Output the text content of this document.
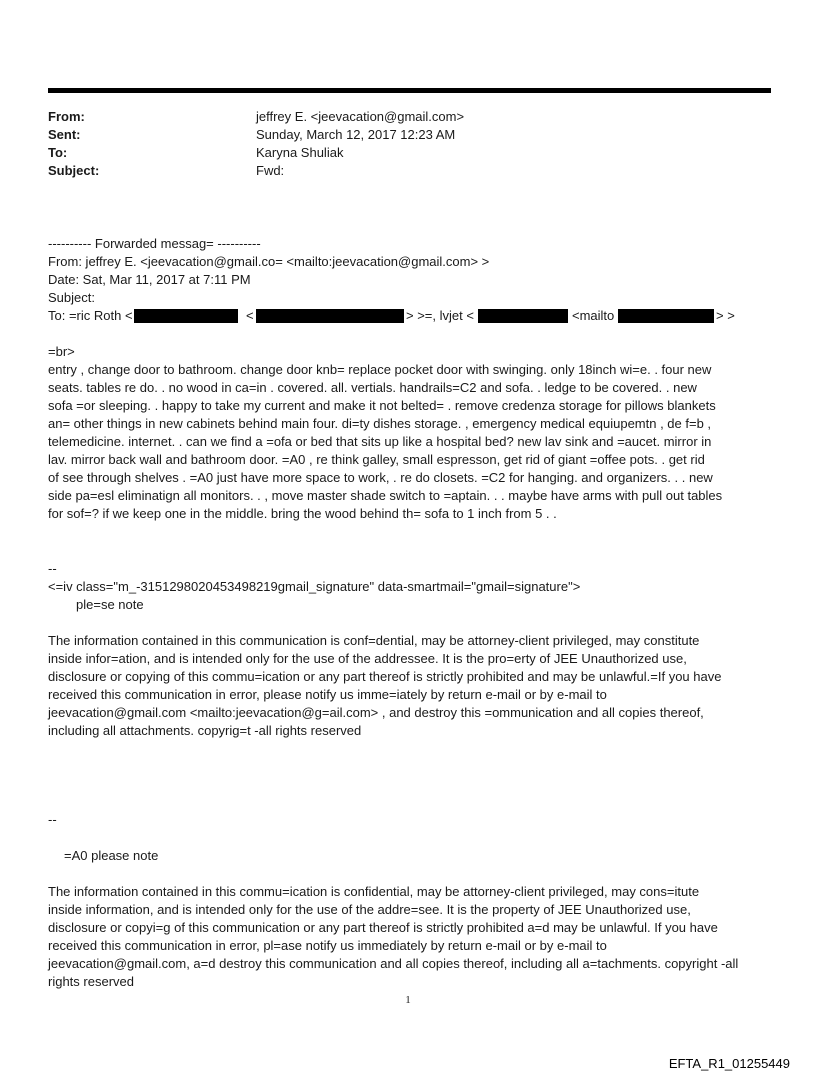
From:	jeffrey E. <jeevacation@gmail.com>
Sent:	Sunday, March 12, 2017 12:23 AM
To:	Karyna Shuliak
Subject:	Fwd:
---------- Forwarded messag= ----------
From: jeffrey E. <jeevacation@gmail.co= <mailto:jeevacation@gmail.com> >
Date: Sat, Mar 11, 2017 at 7:11 PM
Subject:
To: =ric Roth <	<	> >=, lvjet <	<mailto	> >
=br>
entry , change door to bathroom. change door knb= replace pocket door with swinging. only 18inch wi=e. . four new
seats. tables re do. . no wood in ca=in . covered. all. vertials. handrails=C2 and sofa. . ledge to be covered. . new
sofa =or sleeping. . happy to take my current and make it not belted= . remove credenza storage for pillows blankets
an= other things in new cabinets behind main four. di=ty dishes storage. , emergency medical equiupemtn , de f=b ,
telemedicine. internet. . can we find a =ofa or bed that sits up like a hospital bed? new lav sink and =aucet. mirror in
lav. mirror back wall and bathroom door. =A0 , re think galley, small espresson, get rid of giant =offee pots. . get rid
of see through shelves . =A0 just have more space to work, . re do closets. =C2 for hanging. and organizers. . . new
side pa=esl eliminatign all monitors. . , move master shade switch to =aptain. . . maybe have arms with pull out tables
for sof=? if we keep one in the middle. bring the wood behind th= sofa to 1 inch from 5 . .
--
<=iv class="m_-3151298020453498219gmail_signature" data-smartmail="gmail=signature">
ple=se note
The information contained in this communication is conf=dential, may be attorney-client privileged, may constitute
inside infor=ation, and is intended only for the use of the addressee. It is the pro=erty of JEE Unauthorized use,
disclosure or copying of this commu=ication or any part thereof is strictly prohibited and may be unlawful.=If you have
received this communication in error, please notify us imme=iately by return e-mail or by e-mail to
jeevacation@gmail.com <mailto:jeevacation@g=ail.com> , and destroy this =ommunication and all copies thereof,
including all attachments. copyrig=t -all rights reserved
--
=A0 please note
The information contained in this commu=ication is confidential, may be attorney-client privileged, may cons=itute
inside information, and is intended only for the use of the addre=see. It is the property of JEE Unauthorized use,
disclosure or copyi=g of this communication or any part thereof is strictly prohibited a=d may be unlawful. If you have
received this communication in error, pl=ase notify us immediately by return e-mail or by e-mail to
jeevacation@gmail.com, a=d destroy this communication and all copies thereof, including all a=tachments. copyright -all
rights reserved
1
EFTA_R1_01255449
